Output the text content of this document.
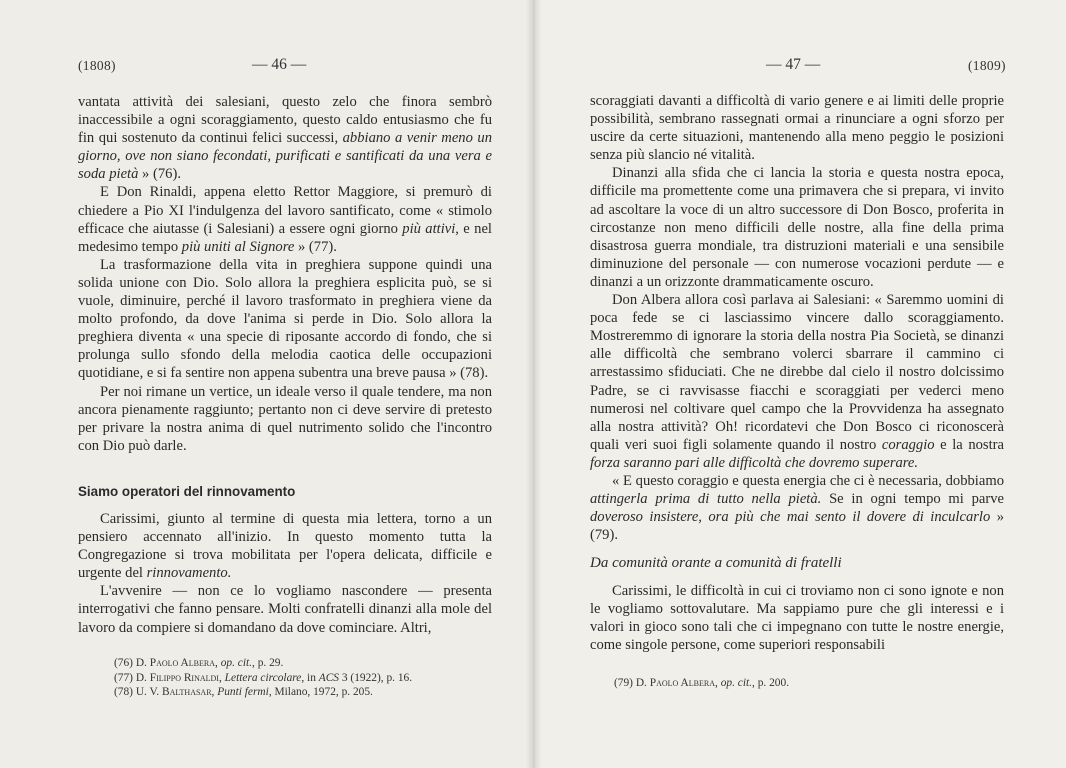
(1808)	— 46 —

vantata attività dei salesiani, questo zelo che finora sembrò inaccessibile a ogni scoraggiamento, questo caldo entusiasmo che fu fin qui sostenuto da continui felici successi, abbiano a venir meno un giorno, ove non siano fecondati, purificati e santificati da una vera e soda pietà » (76).

E Don Rinaldi, appena eletto Rettor Maggiore, si premurò di chiedere a Pio XI l'indulgenza del lavoro santificato, come « stimolo efficace che aiutasse (i Salesiani) a essere ogni giorno più attivi, e nel medesimo tempo più uniti al Signore » (77).

La trasformazione della vita in preghiera suppone quindi una solida unione con Dio. Solo allora la preghiera esplicita può, se si vuole, diminuire, perché il lavoro trasformato in preghiera viene da molto profondo, da dove l'anima si perde in Dio. Solo allora la preghiera diventa « una specie di riposante accordo di fondo, che si prolunga sullo sfondo della melodia caotica delle occupazioni quotidiane, e si fa sentire non appena subentra una breve pausa » (78).

Per noi rimane un vertice, un ideale verso il quale tendere, ma non ancora pienamente raggiunto; pertanto non ci deve servire di pretesto per privare la nostra anima di quel nutrimento solido che l'incontro con Dio può darle.

Siamo operatori del rinnovamento

Carissimi, giunto al termine di questa mia lettera, torno a un pensiero accennato all'inizio. In questo momento tutta la Congregazione si trova mobilitata per l'opera delicata, difficile e urgente del rinnovamento.

L'avvenire — non ce lo vogliamo nascondere — presenta interrogativi che fanno pensare. Molti confratelli dinanzi alla mole del lavoro da compiere si domandano da dove cominciare. Altri,

(76) D. Paolo Albera, op. cit., p. 29.
(77) D. Filippo Rinaldi, Lettera circolare, in ACS 3 (1922), p. 16.
(78) U. V. Balthasar, Punti fermi, Milano, 1972, p. 205.
— 47 —	(1809)

scoraggiati davanti a difficoltà di vario genere e ai limiti delle proprie possibilità, sembrano rassegnati ormai a rinunciare a ogni sforzo per uscire da certe situazioni, mantenendo alla meno peggio le posizioni senza più slancio né vitalità.

Dinanzi alla sfida che ci lancia la storia e questa nostra epoca, difficile ma promettente come una primavera che si prepara, vi invito ad ascoltare la voce di un altro successore di Don Bosco, proferita in circostanze non meno difficili delle nostre, alla fine della prima disastrosa guerra mondiale, tra distruzioni materiali e una sensibile diminuzione del personale — con numerose vocazioni perdute — e dinanzi a un orizzonte drammaticamente oscuro.

Don Albera allora così parlava ai Salesiani: « Saremmo uomini di poca fede se ci lasciassimo vincere dallo scoraggiamento. Mostreremmo di ignorare la storia della nostra Pia Società, se dinanzi alle difficoltà che sembrano volerci sbarrare il cammino ci arrestassimo sfiduciati. Che ne direbbe dal cielo il nostro dolcissimo Padre, se ci ravvisasse fiacchi e scoraggiati per vederci meno numerosi nel coltivare quel campo che la Provvidenza ha assegnato alla nostra attività? Oh! ricordatevi che Don Bosco ci riconoscerà quali veri suoi figli solamente quando il nostro coraggio e la nostra forza saranno pari alle difficoltà che dovremo superare.

« E questo coraggio e questa energia che ci è necessaria, dobbiamo attingerla prima di tutto nella pietà. Se in ogni tempo mi parve doveroso insistere, ora più che mai sento il dovere di inculcarlo » (79).

Da comunità orante a comunità di fratelli

Carissimi, le difficoltà in cui ci troviamo non ci sono ignote e non le vogliamo sottovalutare. Ma sappiamo pure che gli interessi e i valori in gioco sono tali che ci impegnano con tutte le nostre energie, come singole persone, come superiori responsabili

(79) D. Paolo Albera, op. cit., p. 200.
